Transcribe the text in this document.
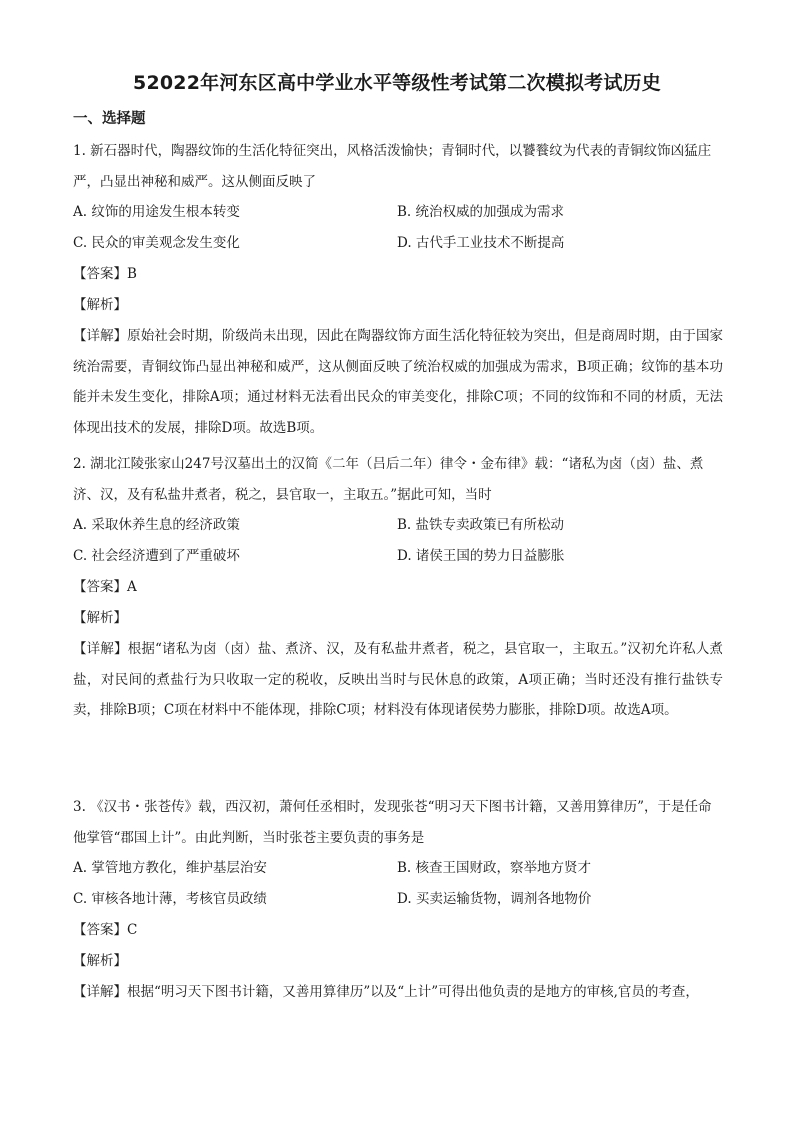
52022年河东区高中学业水平等级性考试第二次模拟考试历史
一、选择题

1. 新石器时代，陶器纹饰的生活化特征突出，风格活泼愉快；青铜时代，以饕餮纹为代表的青铜纹饰凶猛庄严，凸显出神秘和威严。这从侧面反映了

A. 纹饰的用途发生根本转变	B. 统治权威的加强成为需求
C. 民众的审美观念发生变化	D. 古代手工业技术不断提高
【答案】B
【解析】

【详解】原始社会时期，阶级尚未出现，因此在陶器纹饰方面生活化特征较为突出，但是商周时期，由于国家统治需要，青铜纹饰凸显出神秘和威严，这从侧面反映了统治权威的加强成为需求，B项正确；纹饰的基本功能并未发生变化，排除A项；通过材料无法看出民众的审美变化，排除C项；不同的纹饰和不同的材质，无法体现出技术的发展，排除D项。故选B项。

2. 湖北江陵张家山247号汉墓出土的汉简《二年（吕后二年）律令・金布律》载：“诸私为卤（卤）盐、煮济、汉，及有私盐井煮者，税之，县官取一，主取五。”据此可知，当时

A. 采取休养生息的经济政策	B. 盐铁专卖政策已有所松动
C. 社会经济遭到了严重破坏	D. 诸侯王国的势力日益膨胀
【答案】A
【解析】

【详解】根据“诸私为卤（卤）盐、煮济、汉，及有私盐井煮者，税之，县官取一，主取五。”汉初允许私人煮盐，对民间的煮盐行为只收取一定的税收，反映出当时与民休息的政策，A项正确；当时还没有推行盐铁专卖，排除B项；C项在材料中不能体现，排除C项；材料没有体现诸侯势力膨胀，排除D项。故选A项。

3. 《汉书・张苍传》载，西汉初，萧何任丞相时，发现张苍“明习天下图书计籍，又善用算律历”，于是任命他掌管“郡国上计”。由此判断，当时张苍主要负责的事务是

A. 掌管地方教化，维护基层治安	B. 核查王国财政，察举地方贤才
C. 审核各地计薄，考核官员政绩	D. 买卖运输货物，调剂各地物价
【答案】C
【解析】

【详解】根据“明习天下图书计籍，又善用算律历”以及“上计”可得出他负责的是地方的审核,官员的考查，
